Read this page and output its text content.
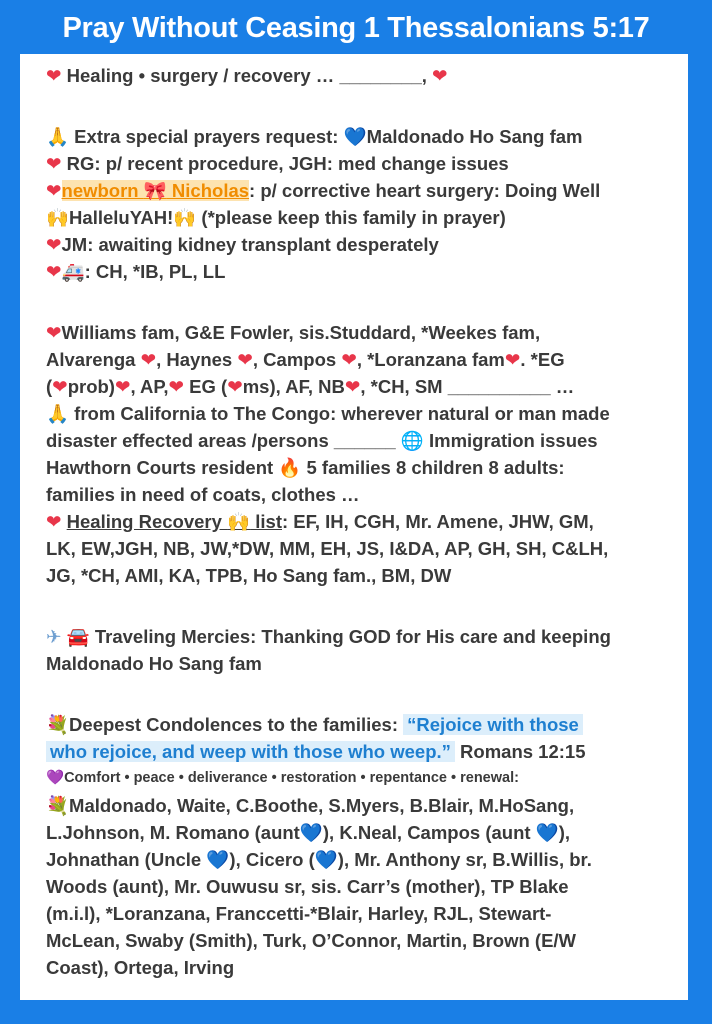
Pray Without Ceasing 1 Thessalonians 5:17
❤ Healing • surgery / recovery … ________, ❤
🙏 Extra special prayers request: 💙Maldonado Ho Sang fam
❤ RG: p/ recent procedure, JGH: med change issues
❤newborn 🎀 Nicholas: p/ corrective heart surgery: Doing Well
🙌HalleluYAH!🙌 (*please keep this family in prayer)
❤JM: awaiting kidney transplant desperately
❤🚑: CH, *IB, PL, LL
❤Williams fam, G&E Fowler, sis.Studdard, *Weekes fam,
Alvarenga ❤, Haynes ❤, Campos ❤, *Loranzana fam❤. *EG
(❤prob)❤, AP,❤ EG (❤ms), AF, NB❤, *CH, SM __________ …
🙏 from California to The Congo: wherever natural or man made
disaster effected areas /persons ______ 🌐 Immigration issues
Hawthorn Courts resident 🔥 5 families 8 children 8 adults:
families in need of coats, clothes …
❤ Healing Recovery 🙌 list: EF, IH, CGH, Mr. Amene, JHW, GM,
LK, EW,JGH, NB, JW,*DW, MM, EH, JS, I&DA, AP, GH, SH, C&LH,
JG, *CH, AMI, KA, TPB, Ho Sang fam., BM, DW
✈ 🚘 Traveling Mercies: Thanking GOD for His care and keeping
Maldonado Ho Sang fam
💐Deepest Condolences to the families: “Rejoice with those
who rejoice, and weep with those who weep.” Romans 12:15
💜Comfort • peace • deliverance • restoration • repentance • renewal:
💐Maldonado, Waite, C.Boothe, S.Myers, B.Blair, M.HoSang,
L.Johnson, M. Romano (aunt💙), K.Neal, Campos (aunt 💙),
Johnathan (Uncle 💙), Cicero (💙), Mr. Anthony sr, B.Willis, br.
Woods (aunt), Mr. Ouwusu sr, sis. Carr’s (mother), TP Blake
(m.i.l), *Loranzana, Franccetti-*Blair, Harley, RJL, Stewart-
McLean, Swaby (Smith), Turk, O’Connor, Martin, Brown (E/W
Coast), Ortega, Irving
